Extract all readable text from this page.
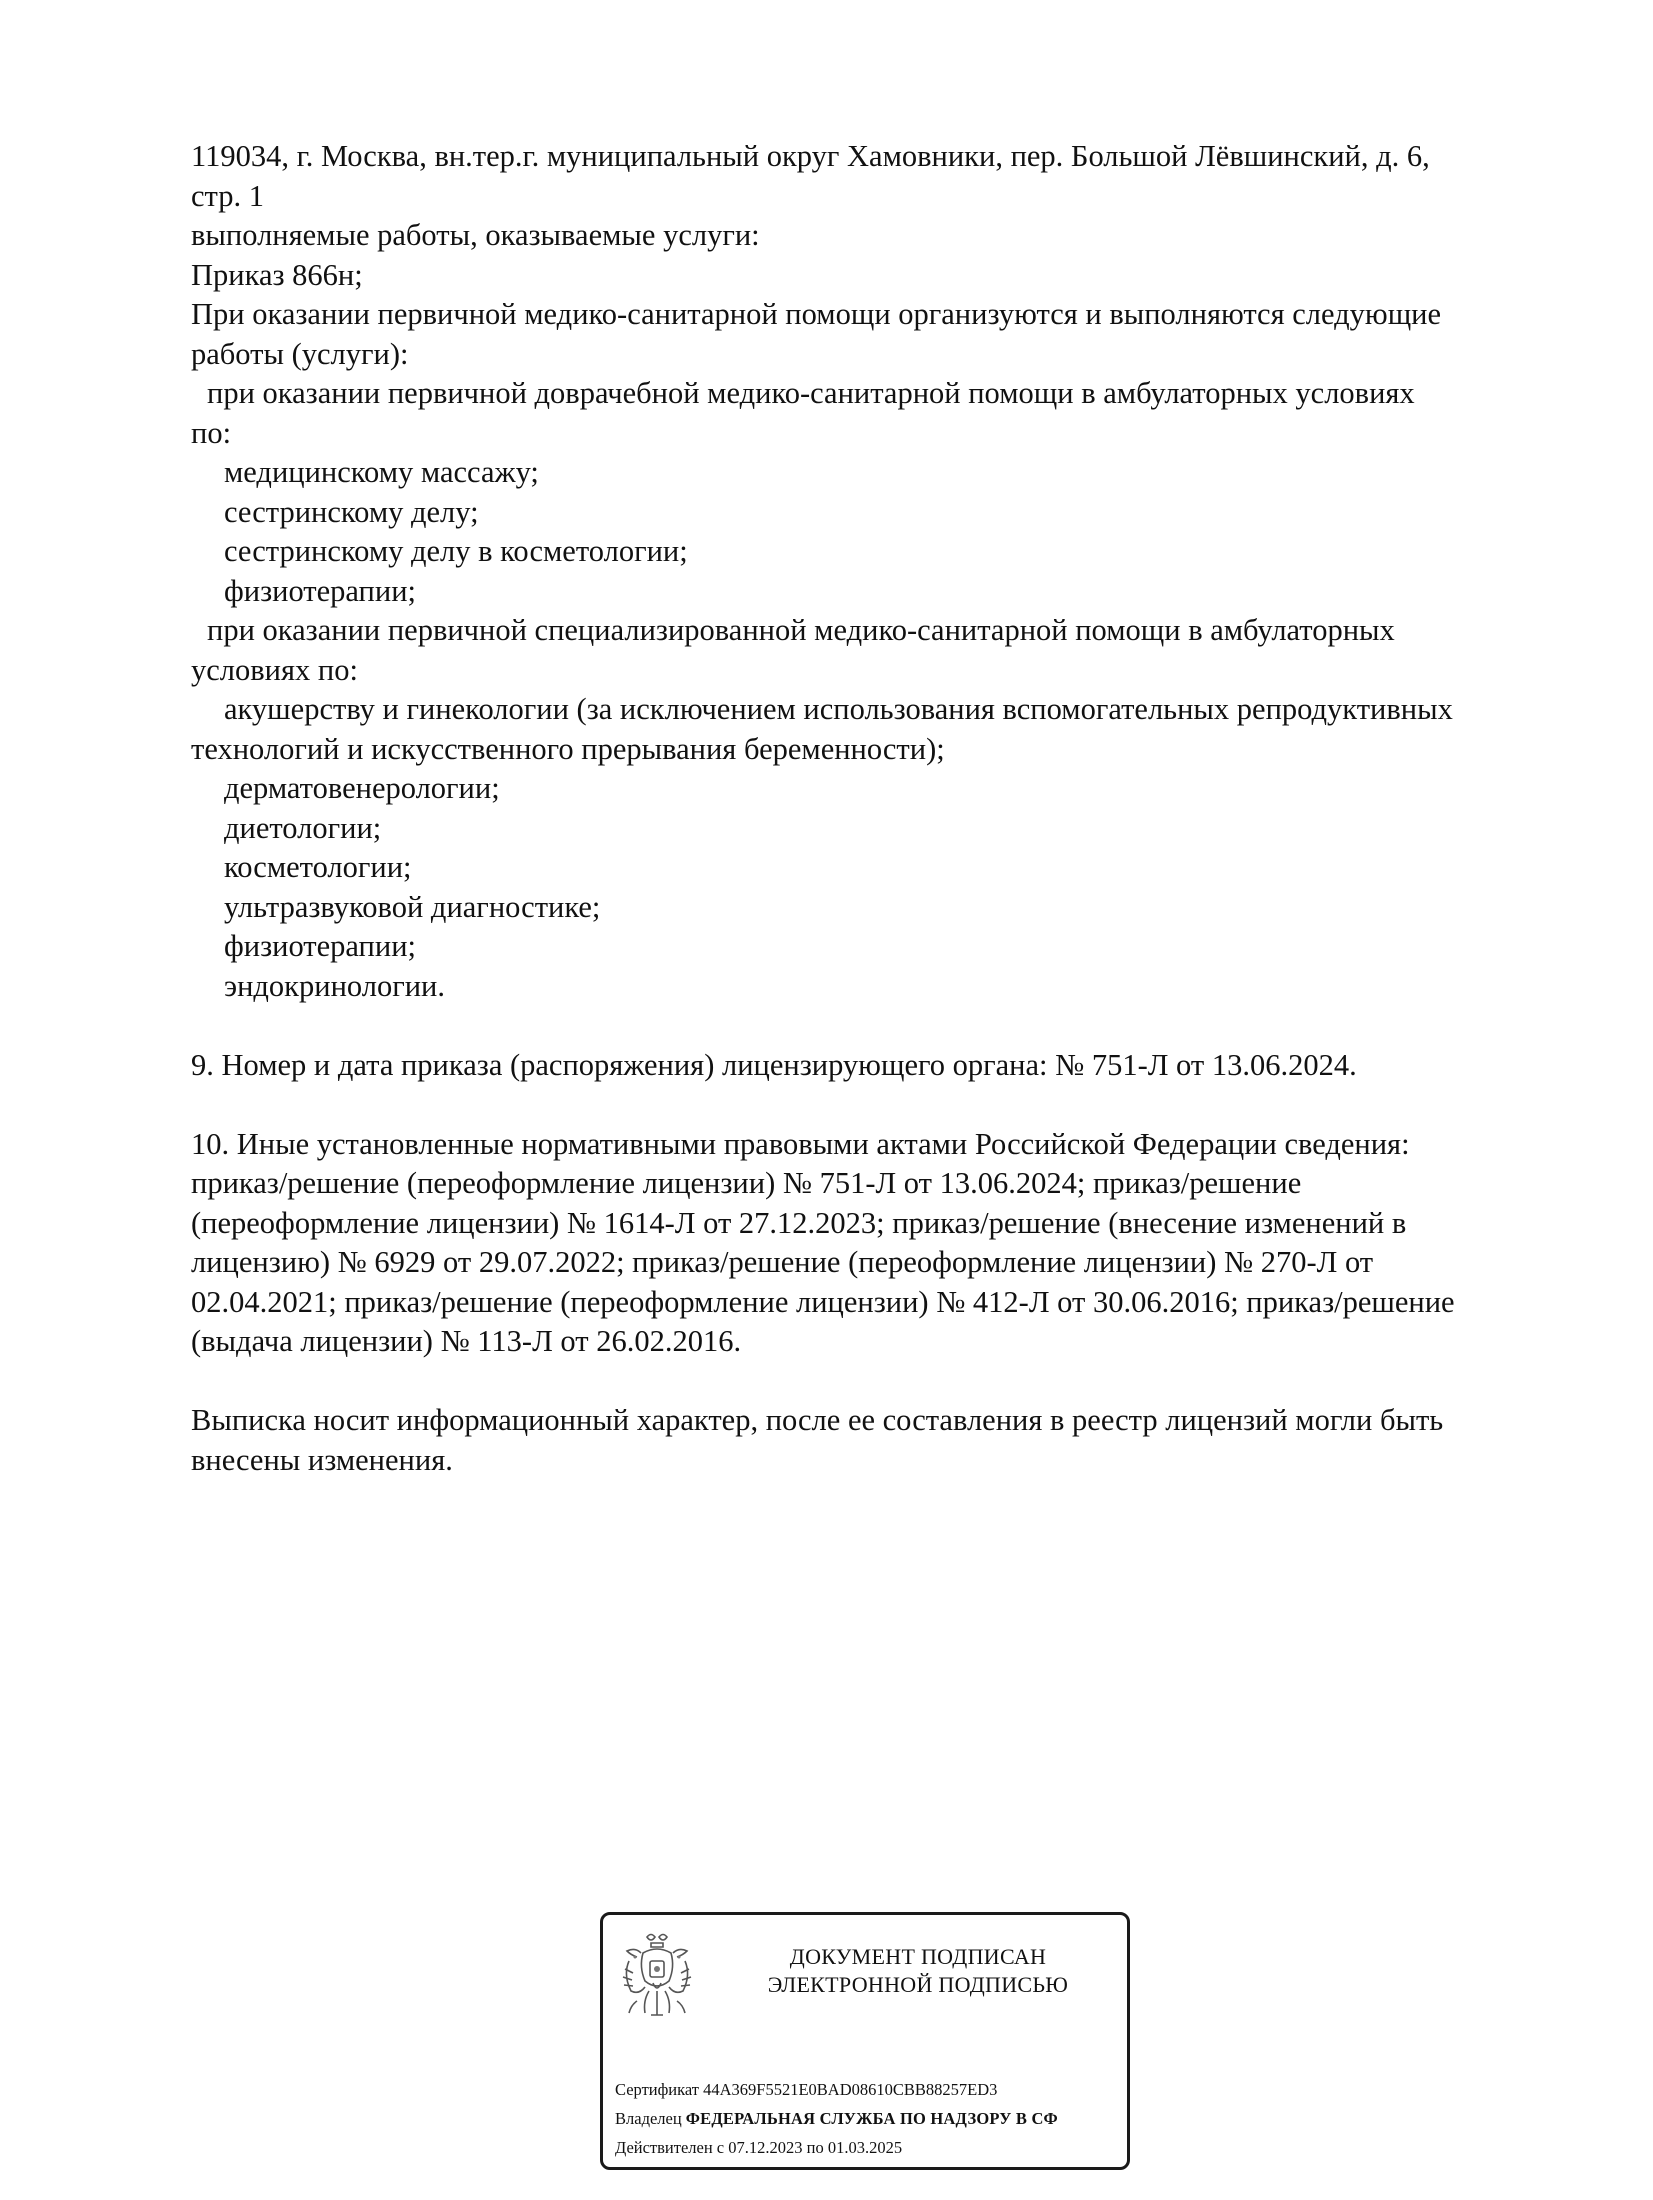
119034, г. Москва, вн.тер.г. муниципальный округ Хамовники, пер. Большой Лёвшинский, д. 6,
стр. 1
выполняемые работы, оказываемые услуги:
Приказ 866н;
При оказании первичной медико-санитарной помощи организуются и выполняются следующие
работы (услуги):
при оказании первичной доврачебной медико-санитарной помощи в амбулаторных условиях
по:
медицинскому массажу;
сестринскому делу;
сестринскому делу в косметологии;
физиотерапии;
при оказании первичной специализированной медико-санитарной помощи в амбулаторных
условиях по:
акушерству и гинекологии (за исключением использования вспомогательных репродуктивных
технологий и искусственного прерывания беременности);
дерматовенерологии;
диетологии;
косметологии;
ультразвуковой диагностике;
физиотерапии;
эндокринологии.
9. Номер и дата приказа (распоряжения) лицензирующего органа: № 751-Л от 13.06.2024.
10. Иные установленные нормативными правовыми актами Российской Федерации сведения:
приказ/решение (переоформление лицензии) № 751-Л от 13.06.2024; приказ/решение
(переоформление лицензии) № 1614-Л от 27.12.2023; приказ/решение (внесение изменений в
лицензию) № 6929 от 29.07.2022; приказ/решение (переоформление лицензии) № 270-Л от
02.04.2021; приказ/решение (переоформление лицензии) № 412-Л от 30.06.2016; приказ/решение
(выдача лицензии) № 113-Л от 26.02.2016.
Выписка носит информационный характер, после ее составления в реестр лицензий могли быть
внесены изменения.
ДОКУМЕНТ ПОДПИСАН
ЭЛЕКТРОННОЙ ПОДПИСЬЮ
Сертификат 44A369F5521E0BAD08610CBB88257ED3
Владелец ФЕДЕРАЛЬНАЯ СЛУЖБА ПО НАДЗОРУ В СФ
Действителен с 07.12.2023 по 01.03.2025
